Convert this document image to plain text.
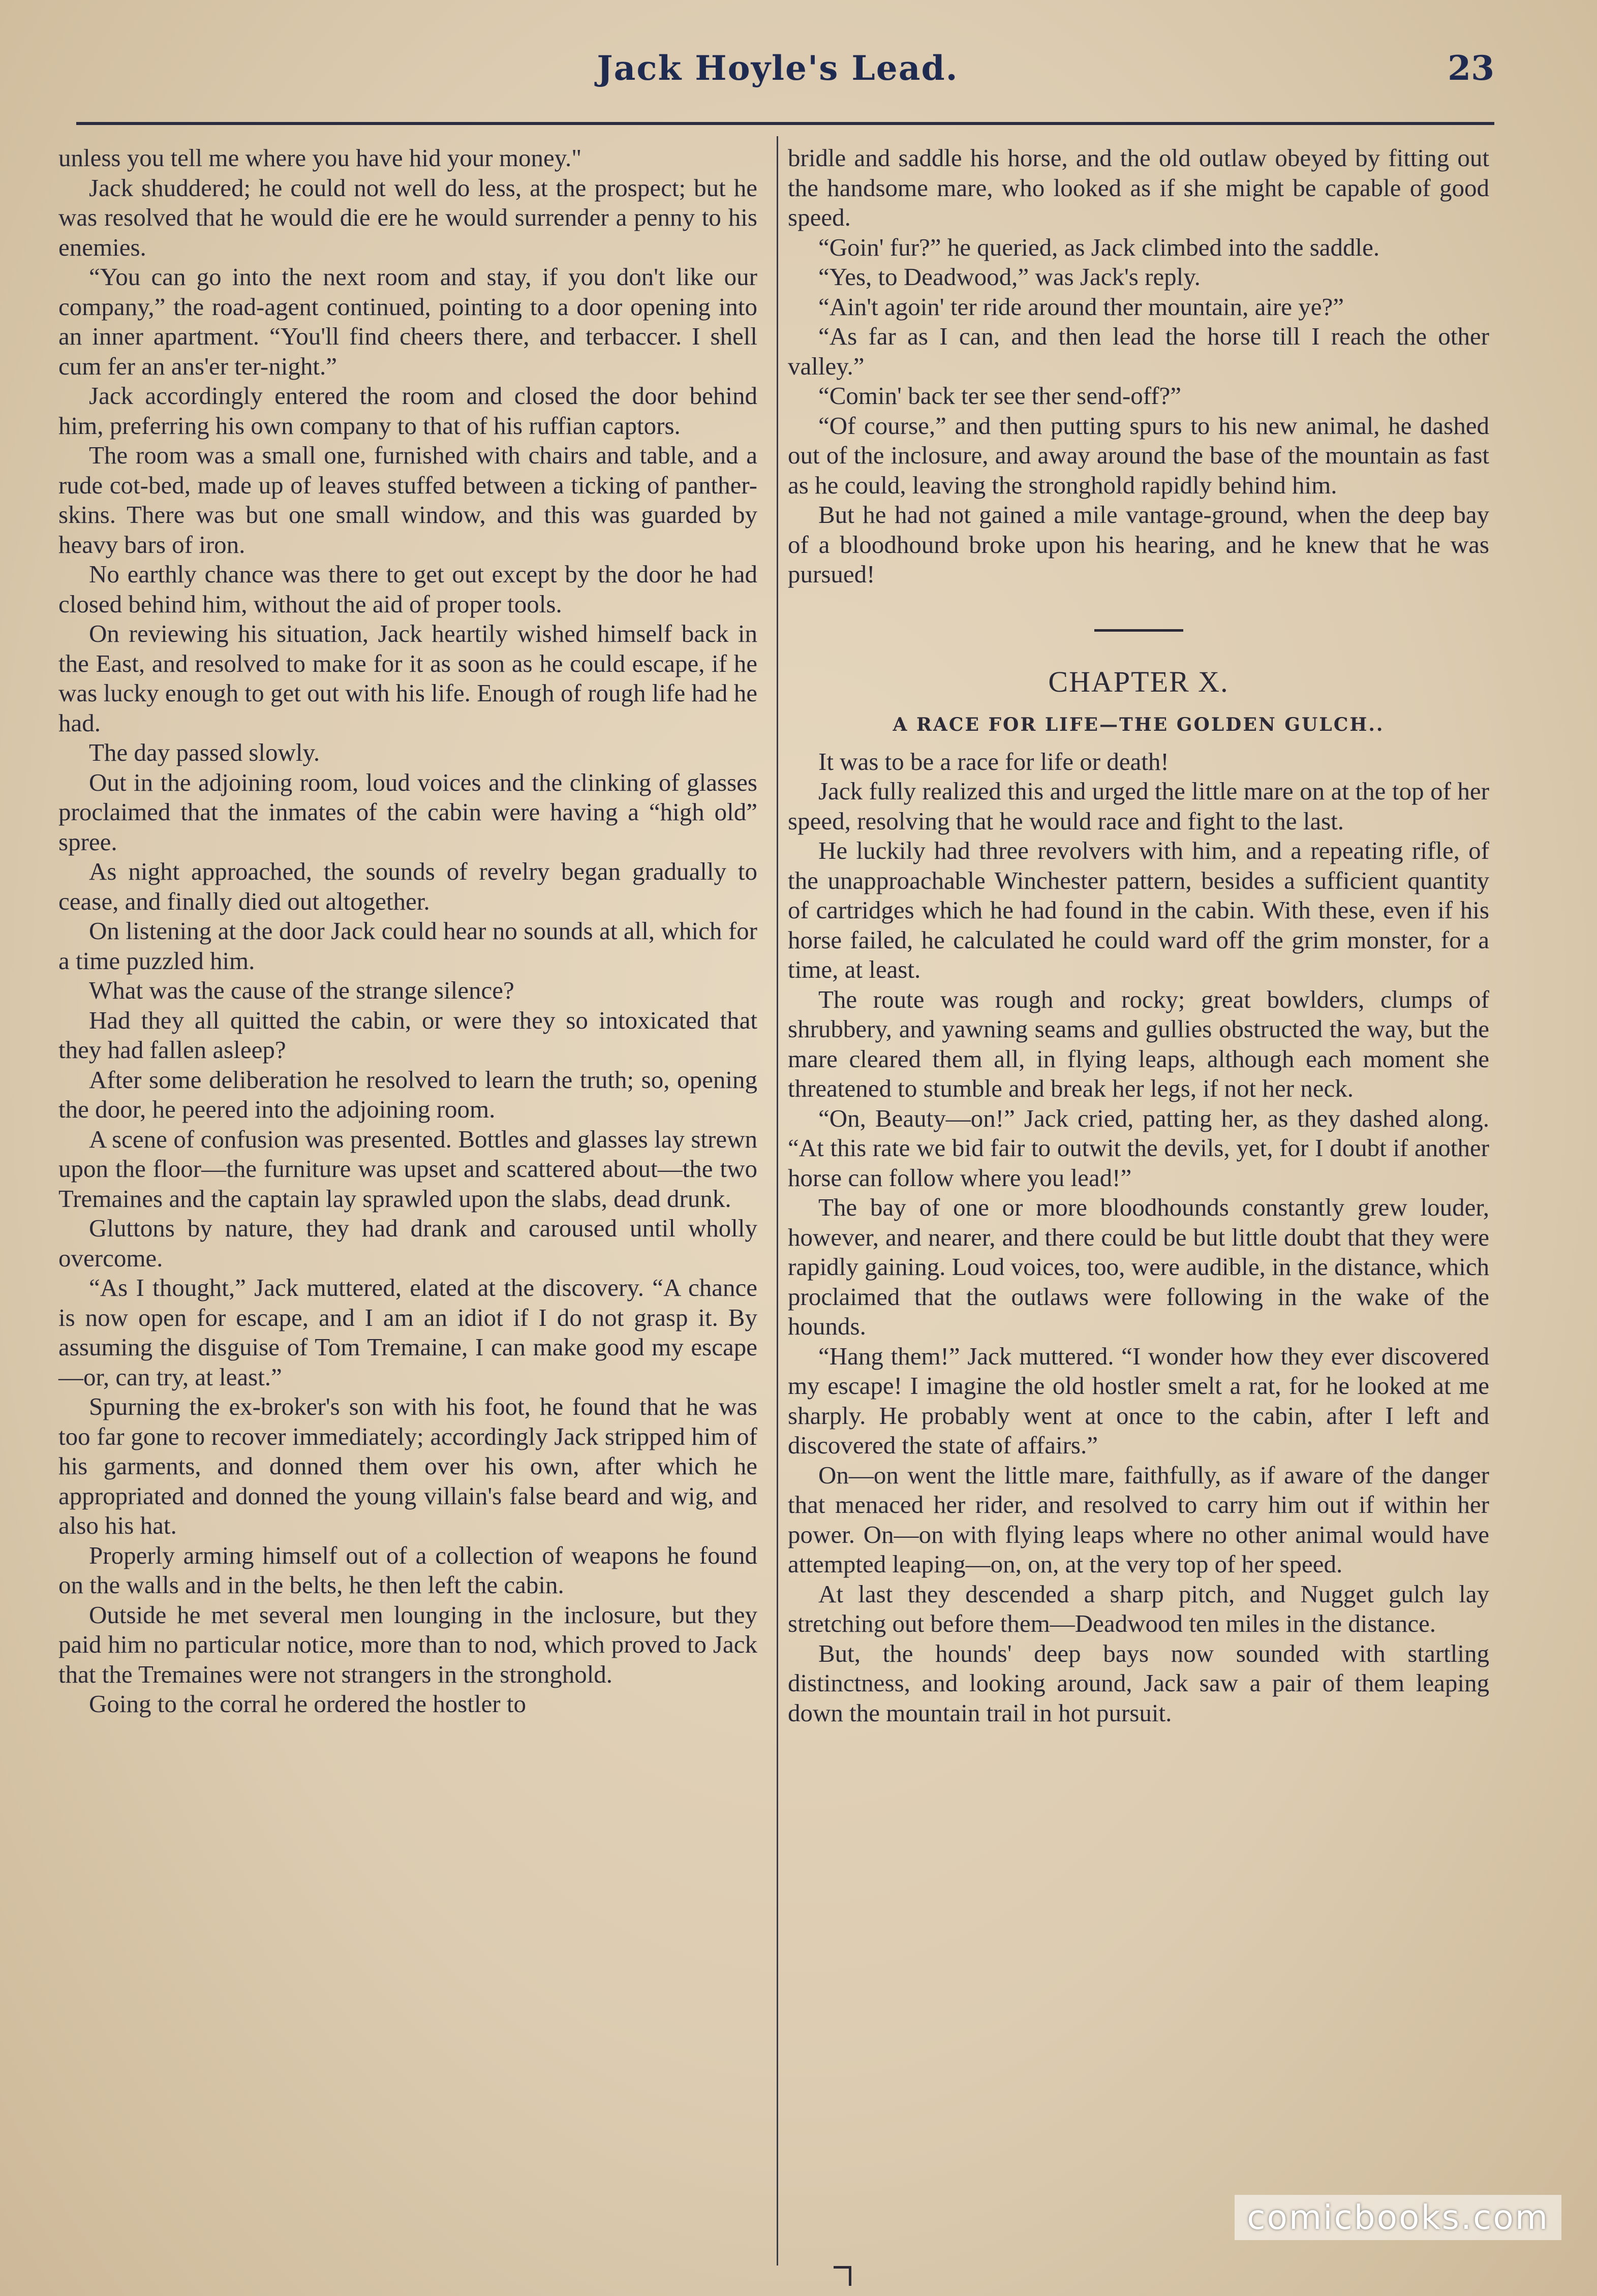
Jack Hoyle's Lead.	23

unless you tell me where you have hid your money."

Jack shuddered; he could not well do less, at the prospect; but he was resolved that he would die ere he would surrender a penny to his enemies.

“You can go into the next room and stay, if you don't like our company,” the road-agent continued, pointing to a door opening into an inner apartment. “You'll find cheers there, and terbaccer. I shell cum fer an ans'er ter-night.”

Jack accordingly entered the room and closed the door behind him, preferring his own company to that of his ruffian captors.

The room was a small one, furnished with chairs and table, and a rude cot-bed, made up of leaves stuffed between a ticking of panther-skins. There was but one small window, and this was guarded by heavy bars of iron.

No earthly chance was there to get out except by the door he had closed behind him, without the aid of proper tools.

On reviewing his situation, Jack heartily wished himself back in the East, and resolved to make for it as soon as he could escape, if he was lucky enough to get out with his life. Enough of rough life had he had.

The day passed slowly.

Out in the adjoining room, loud voices and the clinking of glasses proclaimed that the inmates of the cabin were having a “high old” spree.

As night approached, the sounds of revelry began gradually to cease, and finally died out altogether.

On listening at the door Jack could hear no sounds at all, which for a time puzzled him.

What was the cause of the strange silence?

Had they all quitted the cabin, or were they so intoxicated that they had fallen asleep?

After some deliberation he resolved to learn the truth; so, opening the door, he peered into the adjoining room.

A scene of confusion was presented. Bottles and glasses lay strewn upon the floor—the furniture was upset and scattered about—the two Tremaines and the captain lay sprawled upon the slabs, dead drunk.

Gluttons by nature, they had drank and caroused until wholly overcome.

“As I thought,” Jack muttered, elated at the discovery. “A chance is now open for escape, and I am an idiot if I do not grasp it. By assuming the disguise of Tom Tremaine, I can make good my escape—or, can try, at least.”

Spurning the ex-broker's son with his foot, he found that he was too far gone to recover immediately; accordingly Jack stripped him of his garments, and donned them over his own, after which he appropriated and donned the young villain's false beard and wig, and also his hat.

Properly arming himself out of a collection of weapons he found on the walls and in the belts, he then left the cabin.

Outside he met several men lounging in the inclosure, but they paid him no particular notice, more than to nod, which proved to Jack that the Tremaines were not strangers in the stronghold.

Going to the corral he ordered the hostler to

bridle and saddle his horse, and the old outlaw obeyed by fitting out the handsome mare, who looked as if she might be capable of good speed.

“Goin' fur?” he queried, as Jack climbed into the saddle.

“Yes, to Deadwood,” was Jack's reply.

“Ain't agoin' ter ride around ther mountain, aire ye?”

“As far as I can, and then lead the horse till I reach the other valley.”

“Comin' back ter see ther send-off?”

“Of course,” and then putting spurs to his new animal, he dashed out of the inclosure, and away around the base of the mountain as fast as he could, leaving the stronghold rapidly behind him.

But he had not gained a mile vantage-ground, when the deep bay of a bloodhound broke upon his hearing, and he knew that he was pursued!

CHAPTER X.
A RACE FOR LIFE—THE GOLDEN GULCH..

It was to be a race for life or death!

Jack fully realized this and urged the little mare on at the top of her speed, resolving that he would race and fight to the last.

He luckily had three revolvers with him, and a repeating rifle, of the unapproachable Winchester pattern, besides a sufficient quantity of cartridges which he had found in the cabin. With these, even if his horse failed, he calculated he could ward off the grim monster, for a time, at least.

The route was rough and rocky; great bowlders, clumps of shrubbery, and yawning seams and gullies obstructed the way, but the mare cleared them all, in flying leaps, although each moment she threatened to stumble and break her legs, if not her neck.

“On, Beauty—on!” Jack cried, patting her, as they dashed along. “At this rate we bid fair to outwit the devils, yet, for I doubt if another horse can follow where you lead!”

The bay of one or more bloodhounds constantly grew louder, however, and nearer, and there could be but little doubt that they were rapidly gaining. Loud voices, too, were audible, in the distance, which proclaimed that the outlaws were following in the wake of the hounds.

“Hang them!” Jack muttered. “I wonder how they ever discovered my escape! I imagine the old hostler smelt a rat, for he looked at me sharply. He probably went at once to the cabin, after I left and discovered the state of affairs.”

On—on went the little mare, faithfully, as if aware of the danger that menaced her rider, and resolved to carry him out if within her power. On—on with flying leaps where no other animal would have attempted leaping—on, on, at the very top of her speed.

At last they descended a sharp pitch, and Nugget gulch lay stretching out before them—Deadwood ten miles in the distance.

But, the hounds' deep bays now sounded with startling distinctness, and looking around, Jack saw a pair of them leaping down the mountain trail in hot pursuit.

comicbooks.com
